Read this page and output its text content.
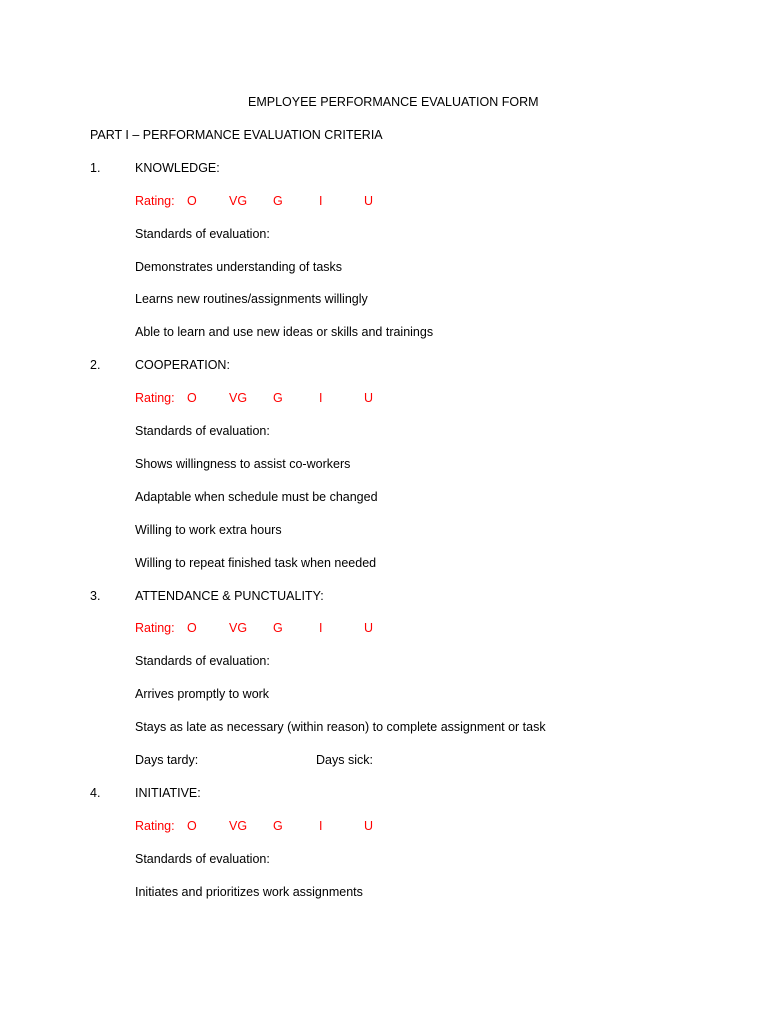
EMPLOYEE PERFORMANCE EVALUATION FORM

PART I – PERFORMANCE EVALUATION CRITERIA

1.	KNOWLEDGE:

Rating: O	VG G	I	U

Standards of evaluation:

Demonstrates understanding of tasks

Learns new routines/assignments willingly

Able to learn and use new ideas or skills and trainings

2.	COOPERATION:

Rating: O	VG G	I	U

Standards of evaluation:

Shows willingness to assist co-workers

Adaptable when schedule must be changed

Willing to work extra hours

Willing to repeat finished task when needed

3.	ATTENDANCE & PUNCTUALITY:

Rating: O	VG G	I	U

Standards of evaluation:

Arrives promptly to work

Stays as late as necessary (within reason) to complete assignment or task

Days tardy:	Days sick:

4.	INITIATIVE:

Rating: O	VG G	I	U

Standards of evaluation:

Initiates and prioritizes work assignments
